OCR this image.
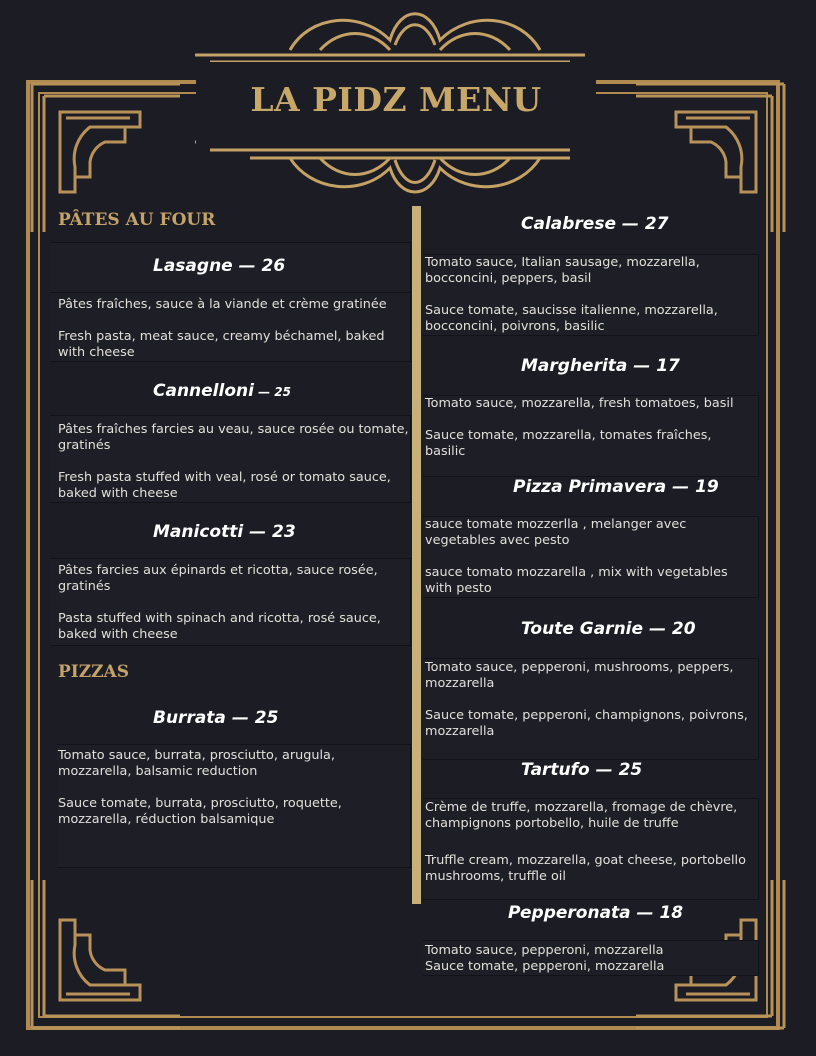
LA PIDZ MENU
PÂTES AU FOUR
Lasagne — 26
Pâtes fraîches, sauce à la viande et crème gratinée
Fresh pasta, meat sauce, creamy béchamel, baked with cheese
Cannelloni — 25
Pâtes fraîches farcies au veau, sauce rosée ou tomate, gratinés
Fresh pasta stuffed with veal, rosé or tomato sauce, baked with cheese
Manicotti — 23
Pâtes farcies aux épinards et ricotta, sauce rosée, gratinés
Pasta stuffed with spinach and ricotta, rosé sauce, baked with cheese
PIZZAS
Burrata — 25
Tomato sauce, burrata, prosciutto, arugula, mozzarella, balsamic reduction
Sauce tomate, burrata, prosciutto, roquette, mozzarella, réduction balsamique
Calabrese — 27
Tomato sauce, Italian sausage, mozzarella, bocconcini, peppers, basil
Sauce tomate, saucisse italienne, mozzarella, bocconcini, poivrons, basilic
Margherita — 17
Tomato sauce, mozzarella, fresh tomatoes, basil
Sauce tomate, mozzarella, tomates fraîches, basilic
Pizza Primavera — 19
sauce tomate mozzerlla , melanger avec vegetables avec pesto
sauce tomato mozzarella , mix with vegetables with pesto
Toute Garnie — 20
Tomato sauce, pepperoni, mushrooms, peppers, mozzarella
Sauce tomate, pepperoni, champignons, poivrons, mozzarella
Tartufo — 25
Crème de truffe, mozzarella, fromage de chèvre, champignons portobello, huile de truffe
Truffle cream, mozzarella, goat cheese, portobello mushrooms, truffle oil
Pepperonata — 18
Tomato sauce, pepperoni, mozzarella
Sauce tomate, pepperoni, mozzarella
